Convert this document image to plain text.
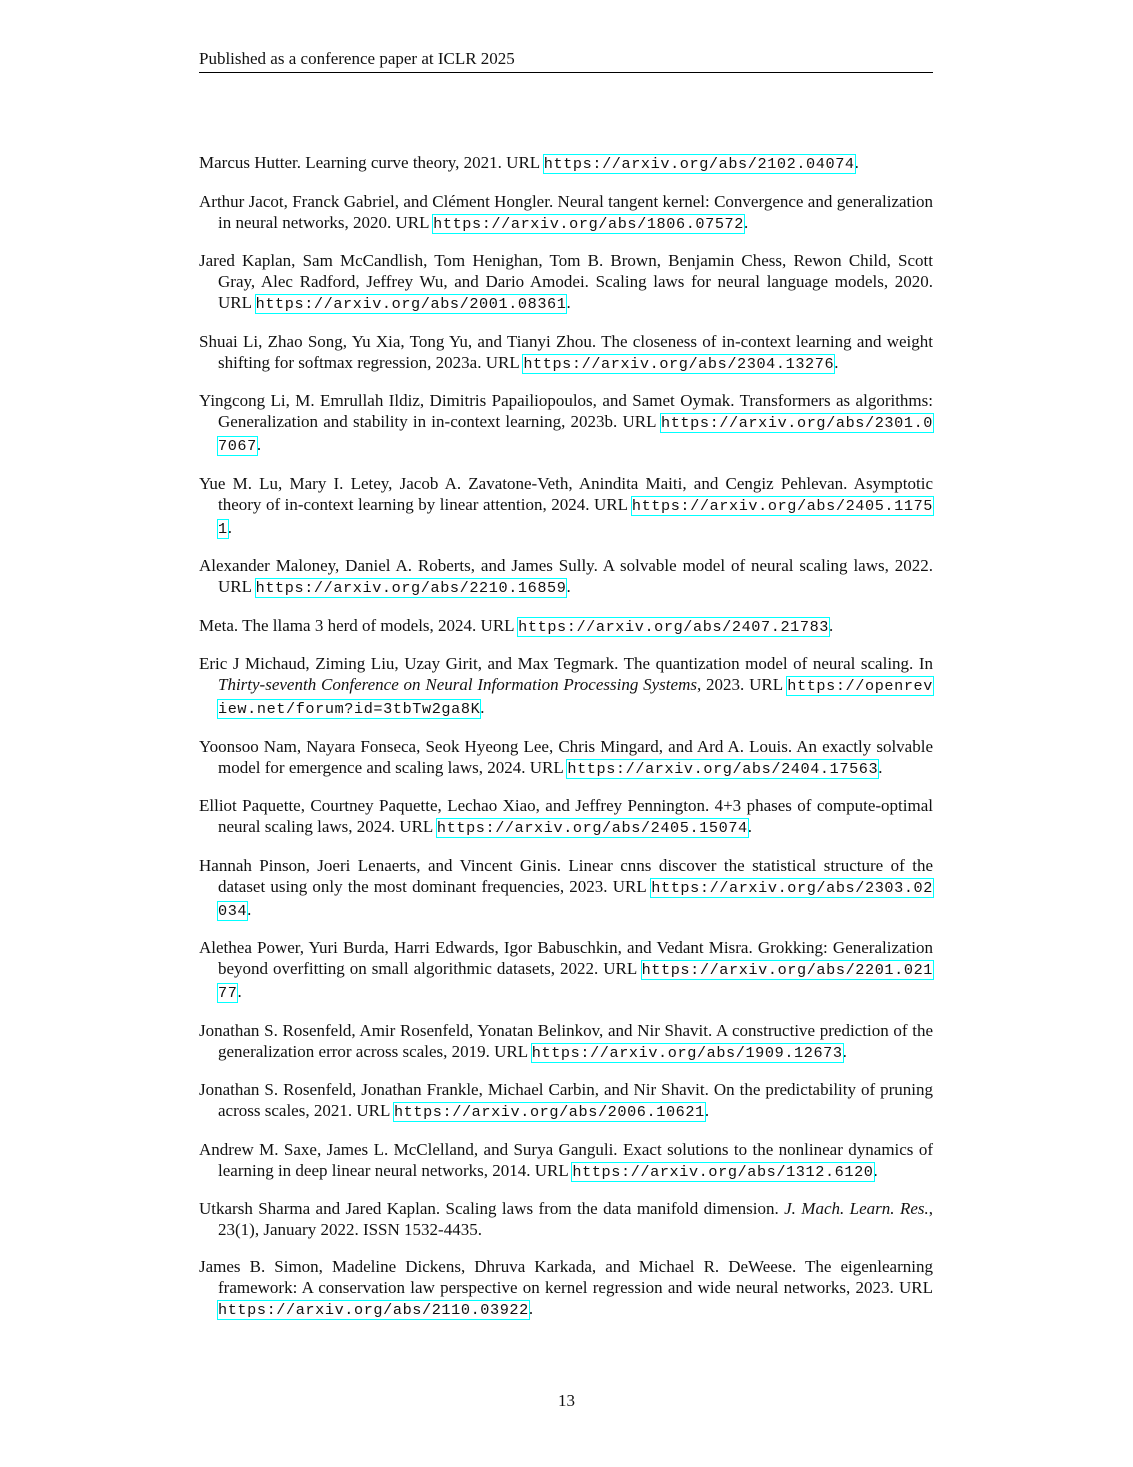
Published as a conference paper at ICLR 2025

Marcus Hutter. Learning curve theory, 2021. URL https://arxiv.org/abs/2102.04074.

Arthur Jacot, Franck Gabriel, and Clément Hongler. Neural tangent kernel: Convergence and generalization in neural networks, 2020. URL https://arxiv.org/abs/1806.07572.

Jared Kaplan, Sam McCandlish, Tom Henighan, Tom B. Brown, Benjamin Chess, Rewon Child, Scott Gray, Alec Radford, Jeffrey Wu, and Dario Amodei. Scaling laws for neural language models, 2020. URL https://arxiv.org/abs/2001.08361.

Shuai Li, Zhao Song, Yu Xia, Tong Yu, and Tianyi Zhou. The closeness of in-context learning and weight shifting for softmax regression, 2023a. URL https://arxiv.org/abs/2304.13276.

Yingcong Li, M. Emrullah Ildiz, Dimitris Papailiopoulos, and Samet Oymak. Transformers as algorithms: Generalization and stability in in-context learning, 2023b. URL https://arxiv.org/abs/2301.07067.

Yue M. Lu, Mary I. Letey, Jacob A. Zavatone-Veth, Anindita Maiti, and Cengiz Pehlevan. Asymptotic theory of in-context learning by linear attention, 2024. URL https://arxiv.org/abs/2405.11751.

Alexander Maloney, Daniel A. Roberts, and James Sully. A solvable model of neural scaling laws, 2022. URL https://arxiv.org/abs/2210.16859.

Meta. The llama 3 herd of models, 2024. URL https://arxiv.org/abs/2407.21783.

Eric J Michaud, Ziming Liu, Uzay Girit, and Max Tegmark. The quantization model of neural scaling. In Thirty-seventh Conference on Neural Information Processing Systems, 2023. URL https://openreview.net/forum?id=3tbTw2ga8K.

Yoonsoo Nam, Nayara Fonseca, Seok Hyeong Lee, Chris Mingard, and Ard A. Louis. An exactly solvable model for emergence and scaling laws, 2024. URL https://arxiv.org/abs/2404.17563.

Elliot Paquette, Courtney Paquette, Lechao Xiao, and Jeffrey Pennington. 4+3 phases of compute-optimal neural scaling laws, 2024. URL https://arxiv.org/abs/2405.15074.

Hannah Pinson, Joeri Lenaerts, and Vincent Ginis. Linear cnns discover the statistical structure of the dataset using only the most dominant frequencies, 2023. URL https://arxiv.org/abs/2303.02034.

Alethea Power, Yuri Burda, Harri Edwards, Igor Babuschkin, and Vedant Misra. Grokking: Generalization beyond overfitting on small algorithmic datasets, 2022. URL https://arxiv.org/abs/2201.02177.

Jonathan S. Rosenfeld, Amir Rosenfeld, Yonatan Belinkov, and Nir Shavit. A constructive prediction of the generalization error across scales, 2019. URL https://arxiv.org/abs/1909.12673.

Jonathan S. Rosenfeld, Jonathan Frankle, Michael Carbin, and Nir Shavit. On the predictability of pruning across scales, 2021. URL https://arxiv.org/abs/2006.10621.

Andrew M. Saxe, James L. McClelland, and Surya Ganguli. Exact solutions to the nonlinear dynamics of learning in deep linear neural networks, 2014. URL https://arxiv.org/abs/1312.6120.

Utkarsh Sharma and Jared Kaplan. Scaling laws from the data manifold dimension. J. Mach. Learn. Res., 23(1), January 2022. ISSN 1532-4435.

James B. Simon, Madeline Dickens, Dhruva Karkada, and Michael R. DeWeese. The eigenlearning framework: A conservation law perspective on kernel regression and wide neural networks, 2023. URL https://arxiv.org/abs/2110.03922.

13
